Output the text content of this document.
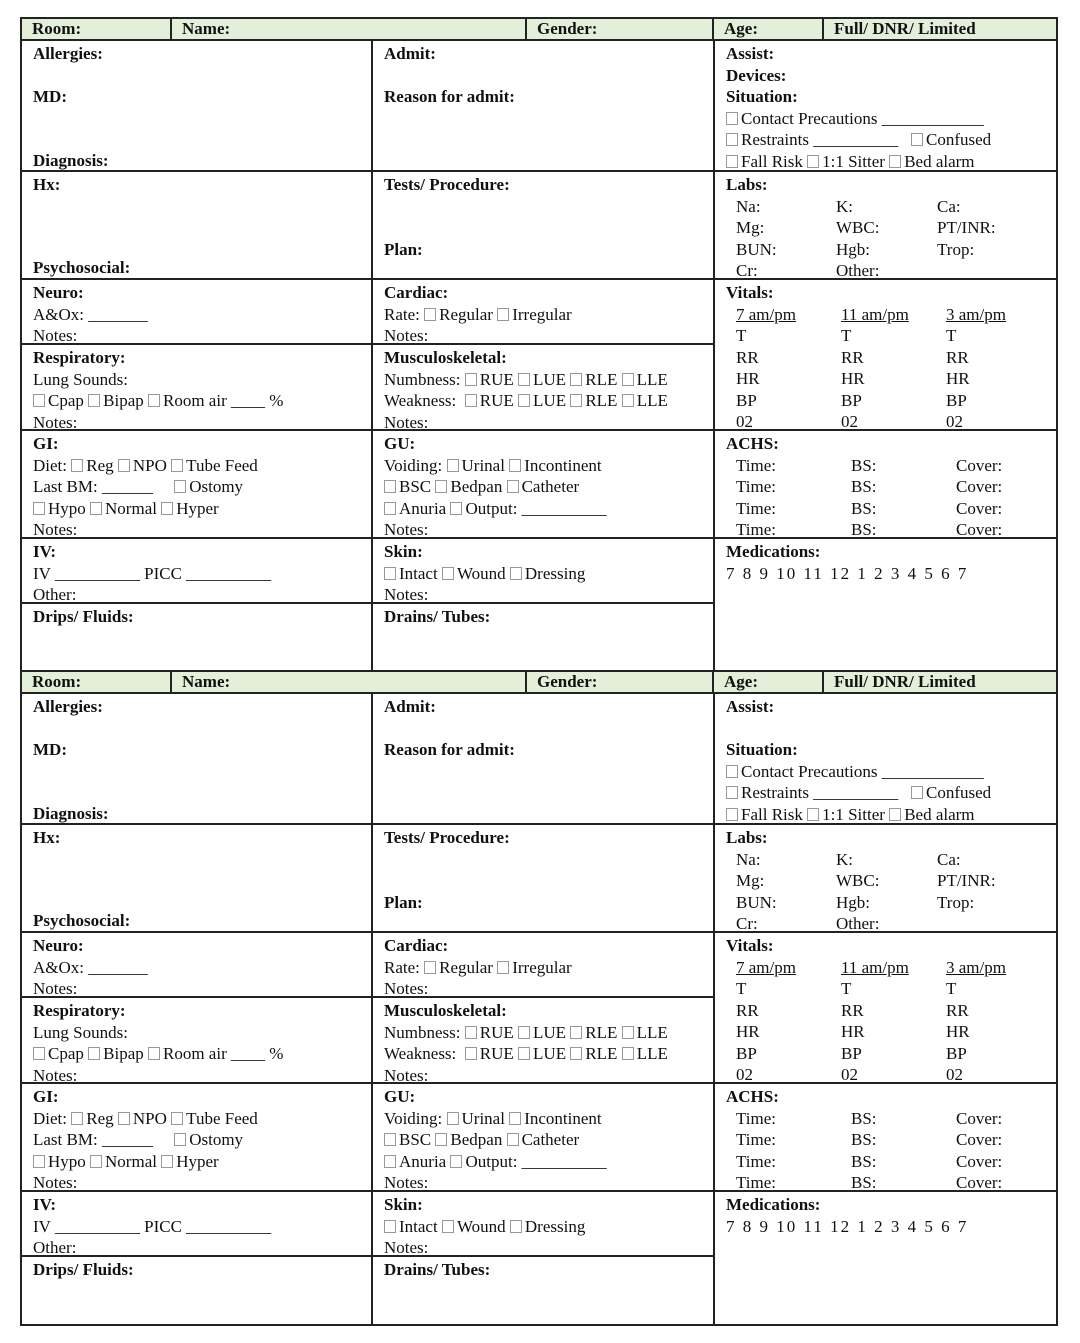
Room:	Name:	Gender:	Age:	Full/ DNR/ Limited
Allergies:
MD:
Diagnosis:
Admit:
Reason for admit:
Assist:
Devices:
Situation:
Contact Precautions ____________
Restraints __________ Confused
Fall Risk 1:1 Sitter Bed alarm
Hx:
Psychosocial:
Tests/ Procedure:
Plan:
Labs:
Na:	K:	Ca:
Mg:	WBC:	PT/INR:
BUN:	Hgb:	Trop:
Cr:	Other:
Neuro:
A&Ox: _______
Notes:
Cardiac:
Rate: Regular Irregular
Notes:
Vitals:
7 am/pm	11 am/pm	3 am/pm
T	T	T
RR	RR	RR
HR	HR	HR
BP	BP	BP
02	02	02
Respiratory:
Lung Sounds:
Cpap Bipap Room air ____ %
Notes:
Musculoskeletal:
Numbness: RUE LUE RLE LLE
Weakness: RUE LUE RLE LLE
Notes:
GI:
Diet: Reg NPO Tube Feed
Last BM: ______ Ostomy
Hypo Normal Hyper
Notes:
GU:
Voiding: Urinal Incontinent
BSC Bedpan Catheter
Anuria Output: __________
Notes:
ACHS:
Time:	BS:	Cover:
Time:	BS:	Cover:
Time:	BS:	Cover:
Time:	BS:	Cover:
IV:
IV __________ PICC __________
Other:
Skin:
Intact Wound Dressing
Notes:
Medications:
7 8 9 10 11 12 1 2 3 4 5 6 7
Drips/ Fluids:	Drains/ Tubes:
Room:	Name:	Gender:	Age:	Full/ DNR/ Limited
Allergies:
MD:
Diagnosis:
Admit:
Reason for admit:
Assist:
Situation:
Contact Precautions ____________
Restraints __________ Confused
Fall Risk 1:1 Sitter Bed alarm
Hx:
Psychosocial:
Tests/ Procedure:
Plan:
Labs:
Na:	K:	Ca:
Mg:	WBC:	PT/INR:
BUN:	Hgb:	Trop:
Cr:	Other:
Neuro:
A&Ox: _______
Notes:
Cardiac:
Rate: Regular Irregular
Notes:
Vitals:
7 am/pm	11 am/pm	3 am/pm
T	T	T
RR	RR	RR
HR	HR	HR
BP	BP	BP
02	02	02
Respiratory:
Lung Sounds:
Cpap Bipap Room air ____ %
Notes:
Musculoskeletal:
Numbness: RUE LUE RLE LLE
Weakness: RUE LUE RLE LLE
Notes:
GI:
Diet: Reg NPO Tube Feed
Last BM: ______ Ostomy
Hypo Normal Hyper
Notes:
GU:
Voiding: Urinal Incontinent
BSC Bedpan Catheter
Anuria Output: __________
Notes:
ACHS:
Time:	BS:	Cover:
Time:	BS:	Cover:
Time:	BS:	Cover:
Time:	BS:	Cover:
IV:
IV __________ PICC __________
Other:
Skin:
Intact Wound Dressing
Notes:
Medications:
7 8 9 10 11 12 1 2 3 4 5 6 7
Drips/ Fluids:	Drains/ Tubes:
